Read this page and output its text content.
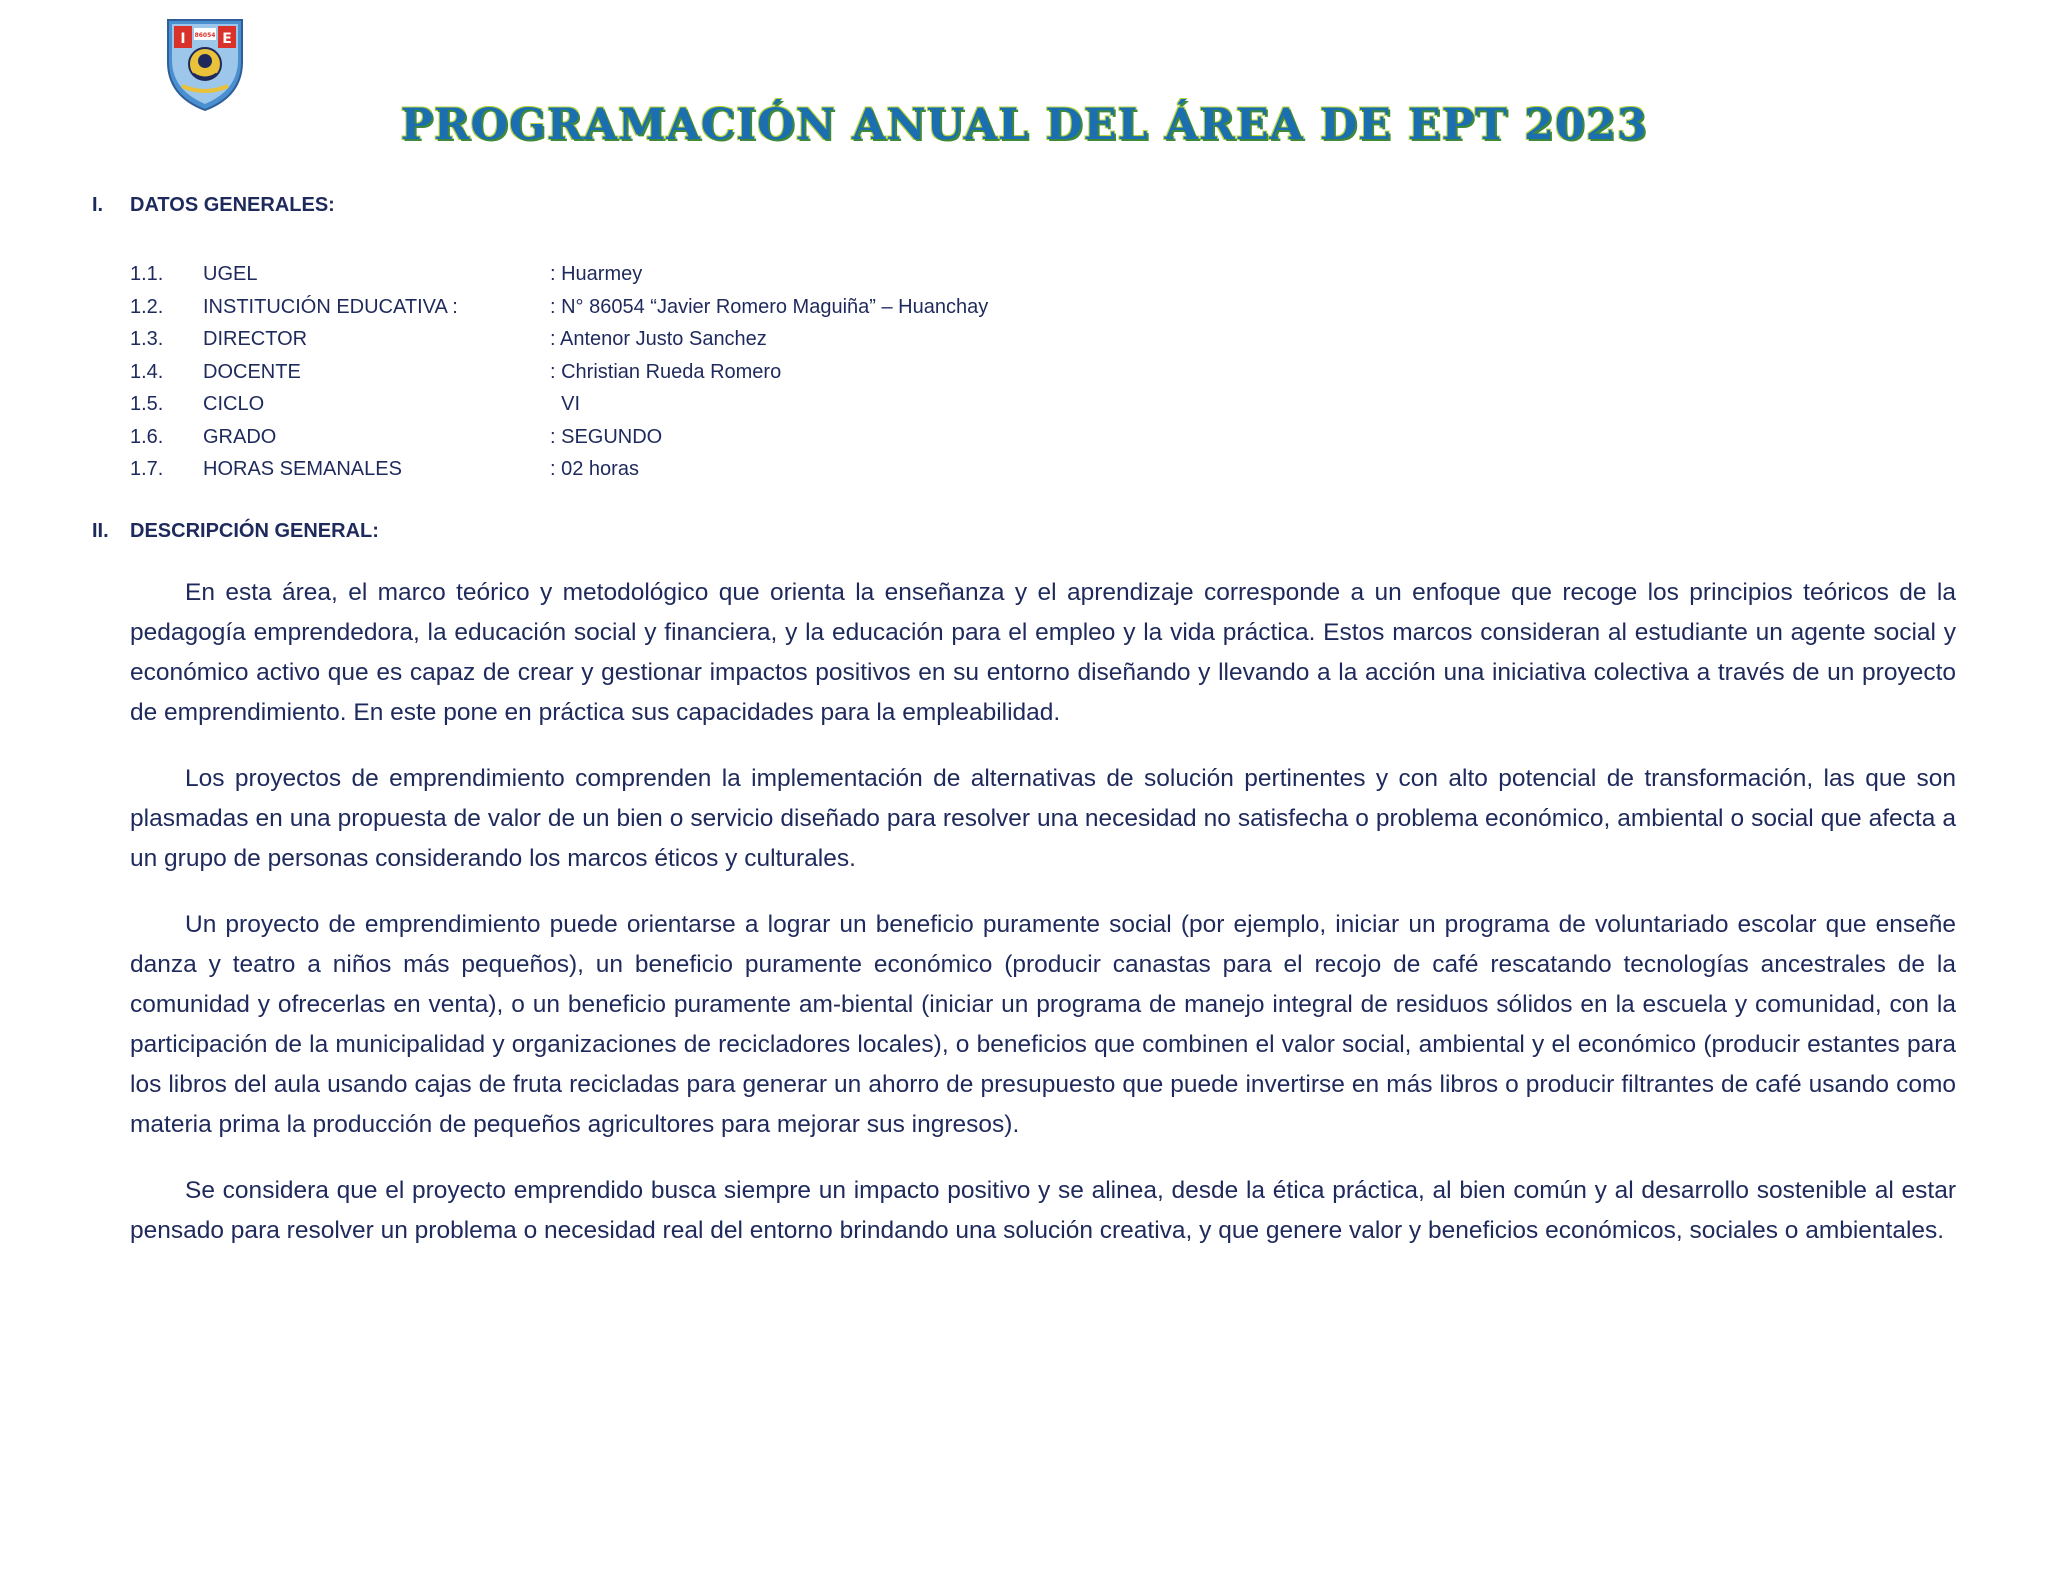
I	E
86054
PROGRAMACIÓN ANUAL DEL ÁREA DE EPT 2023
I. DATOS GENERALES:
1.1. UGEL	: Huarmey
1.2. INSTITUCIÓN EDUCATIVA :	: N° 86054 “Javier Romero Maguiña” – Huanchay
1.3. DIRECTOR	: Antenor Justo Sanchez
1.4. DOCENTE	: Christian Rueda Romero
1.5. CICLO	VI
1.6. GRADO	: SEGUNDO
1.7. HORAS SEMANALES	: 02 horas
II. DESCRIPCIÓN GENERAL:

En esta área, el marco teórico y metodológico que orienta la enseñanza y el aprendizaje corresponde a un enfoque que recoge los principios teóricos de la pedagogía emprendedora, la educación social y financiera, y la educación para el empleo y la vida práctica. Estos marcos consideran al estudiante un agente social y económico activo que es capaz de crear y gestionar impactos positivos en su entorno diseñando y llevando a la acción una iniciativa colectiva a través de un proyecto de emprendimiento. En este pone en práctica sus capacidades para la empleabilidad.

Los proyectos de emprendimiento comprenden la implementación de alternativas de solución pertinentes y con alto potencial de transformación, las que son plasmadas en una propuesta de valor de un bien o servicio diseñado para resolver una necesidad no satisfecha o problema económico, ambiental o social que afecta a un grupo de personas considerando los marcos éticos y culturales.

Un proyecto de emprendimiento puede orientarse a lograr un beneficio puramente social (por ejemplo, iniciar un programa de voluntariado escolar que enseñe danza y teatro a niños más pequeños), un beneficio puramente económico (producir canastas para el recojo de café rescatando tecnologías ancestrales de la comunidad y ofrecerlas en venta), o un beneficio puramente am-biental (iniciar un programa de manejo integral de residuos sólidos en la escuela y comunidad, con la participación de la municipalidad y organizaciones de recicladores locales), o beneficios que combinen el valor social, ambiental y el económico (producir estantes para los libros del aula usando cajas de fruta recicladas para generar un ahorro de presupuesto que puede invertirse en más libros o producir filtrantes de café usando como materia prima la producción de pequeños agricultores para mejorar sus ingresos).

Se considera que el proyecto emprendido busca siempre un impacto positivo y se alinea, desde la ética práctica, al bien común y al desarrollo sostenible al estar pensado para resolver un problema o necesidad real del entorno brindando una solución creativa, y que genere valor y beneficios económicos, sociales o ambientales.
